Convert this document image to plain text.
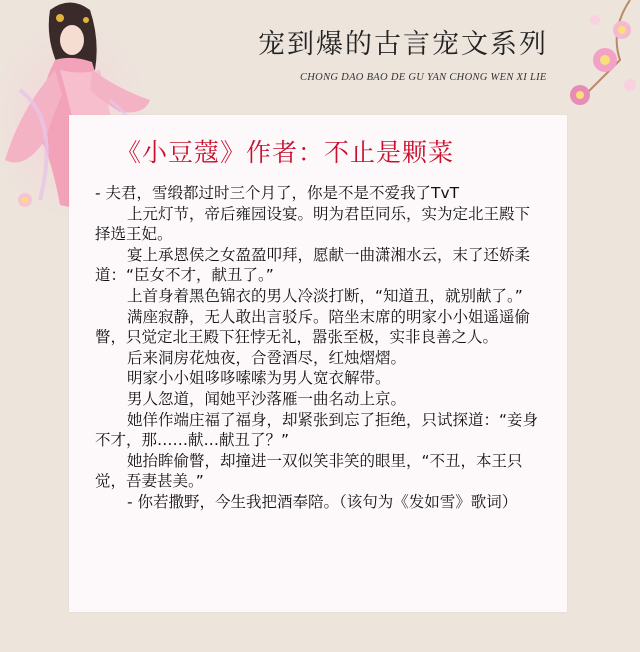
宠到爆的古言宠文系列
CHONG DAO BAO DE GU YAN CHONG WEN XI LIE
《小豆蔻》作者：不止是颗菜

- 夫君，雪缎都过时三个月了，你是不是不爱我了TvT

上元灯节，帝后雍园设宴。明为君臣同乐，实为定北王殿下择选王妃。

宴上承恩侯之女盈盈叩拜，愿献一曲潇湘水云，末了还娇柔道：“臣女不才，献丑了。”

上首身着黑色锦衣的男人冷淡打断，“知道丑，就别献了。”

满座寂静，无人敢出言驳斥。陪坐末席的明家小小姐遥遥偷瞥，只觉定北王殿下狂悖无礼，嚣张至极，实非良善之人。

后来洞房花烛夜，合卺酒尽，红烛熠熠。

明家小小姐哆哆嗦嗦为男人宽衣解带。

男人忽道，闻她平沙落雁一曲名动上京。

她佯作端庄福了福身，却紧张到忘了拒绝，只试探道：“妾身不才，那……献…献丑了？”

她抬眸偷瞥，却撞进一双似笑非笑的眼里，“不丑，本王只觉，吾妻甚美。”

- 你若撒野，今生我把酒奉陪。（该句为《发如雪》歌词）
